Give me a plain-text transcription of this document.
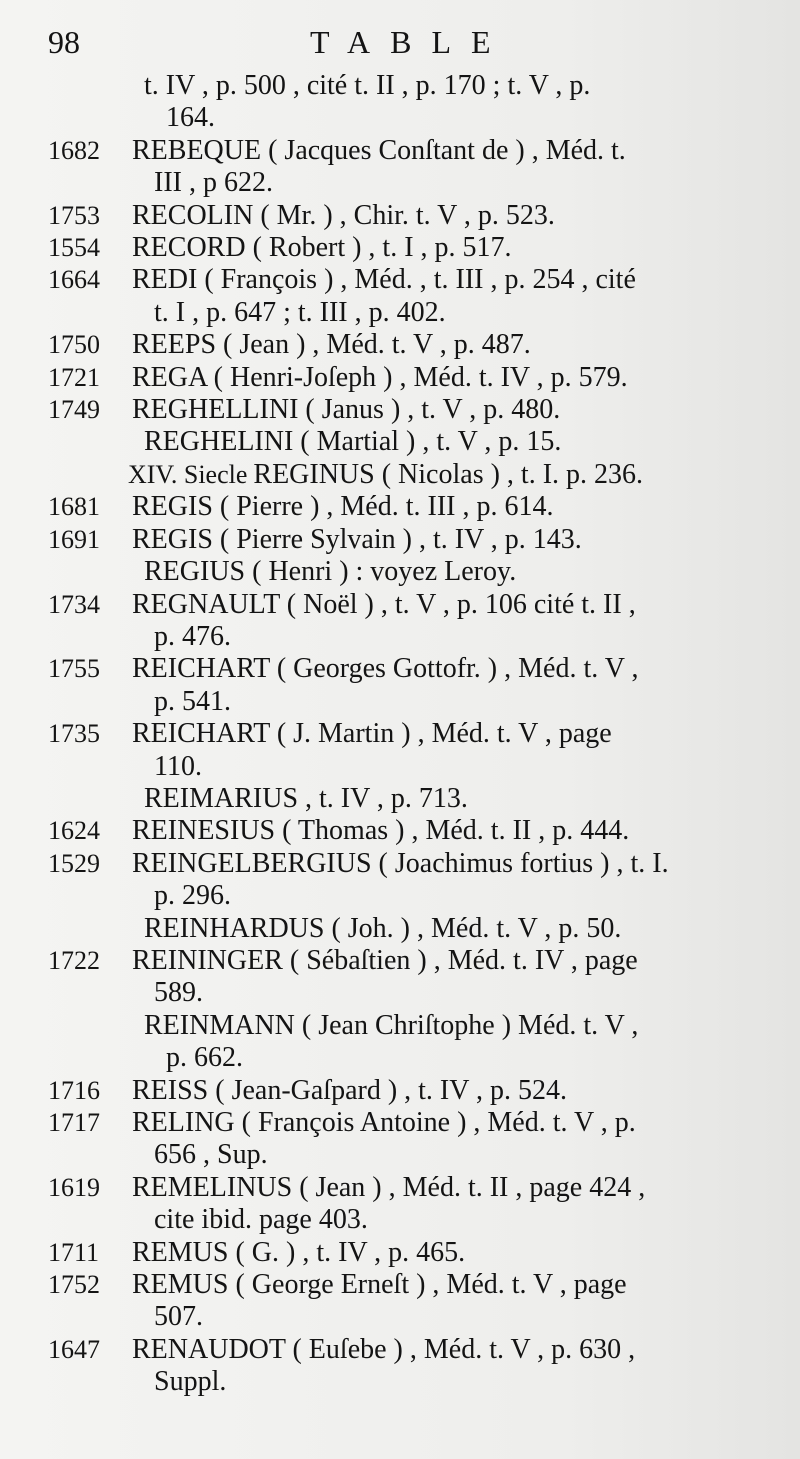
98	TABLE
t. IV , p. 500 , cité t. II , p. 170 ; t. V , p.
164.
1682 REBEQUE ( Jacques Conſtant de ) , Méd. t.
III , p 622.
1753 RECOLIN ( Mr. ) , Chir. t. V , p. 523.
1554 RECORD ( Robert ) , t. I , p. 517.
1664 REDI ( François ) , Méd. , t. III , p. 254 , cité
t. I , p. 647 ; t. III , p. 402.
1750 REEPS ( Jean ) , Méd. t. V , p. 487.
1721 REGA ( Henri-Joſeph ) , Méd. t. IV , p. 579.
1749 REGHELLINI ( Janus ) , t. V , p. 480.
REGHELINI ( Martial ) , t. V , p. 15.
XIV. Siecle REGINUS ( Nicolas ) , t. I. p. 236.
1681 REGIS ( Pierre ) , Méd. t. III , p. 614.
1691 REGIS ( Pierre Sylvain ) , t. IV , p. 143.
REGIUS ( Henri ) : voyez Leroy.
1734 REGNAULT ( Noël ) , t. V , p. 106 cité t. II ,
p. 476.
1755 REICHART ( Georges Gottofr. ) , Méd. t. V ,
p. 541.
1735 REICHART ( J. Martin ) , Méd. t. V , page
110.
REIMARIUS , t. IV , p. 713.
1624 REINESIUS ( Thomas ) , Méd. t. II , p. 444.
1529 REINGELBERGIUS ( Joachimus fortius ) , t. I.
p. 296.
REINHARDUS ( Joh. ) , Méd. t. V , p. 50.
1722 REININGER ( Sébaſtien ) , Méd. t. IV , page
589.
REINMANN ( Jean Chriſtophe ) Méd. t. V ,
p. 662.
1716 REISS ( Jean-Gaſpard ) , t. IV , p. 524.
1717 RELING ( François Antoine ) , Méd. t. V , p.
656 , Sup.
1619 REMELINUS ( Jean ) , Méd. t. II , page 424 ,
cite ibid. page 403.
1711 REMUS ( G. ) , t. IV , p. 465.
1752 REMUS ( George Erneſt ) , Méd. t. V , page
507.
1647 RENAUDOT ( Euſebe ) , Méd. t. V , p. 630 ,
Suppl.
